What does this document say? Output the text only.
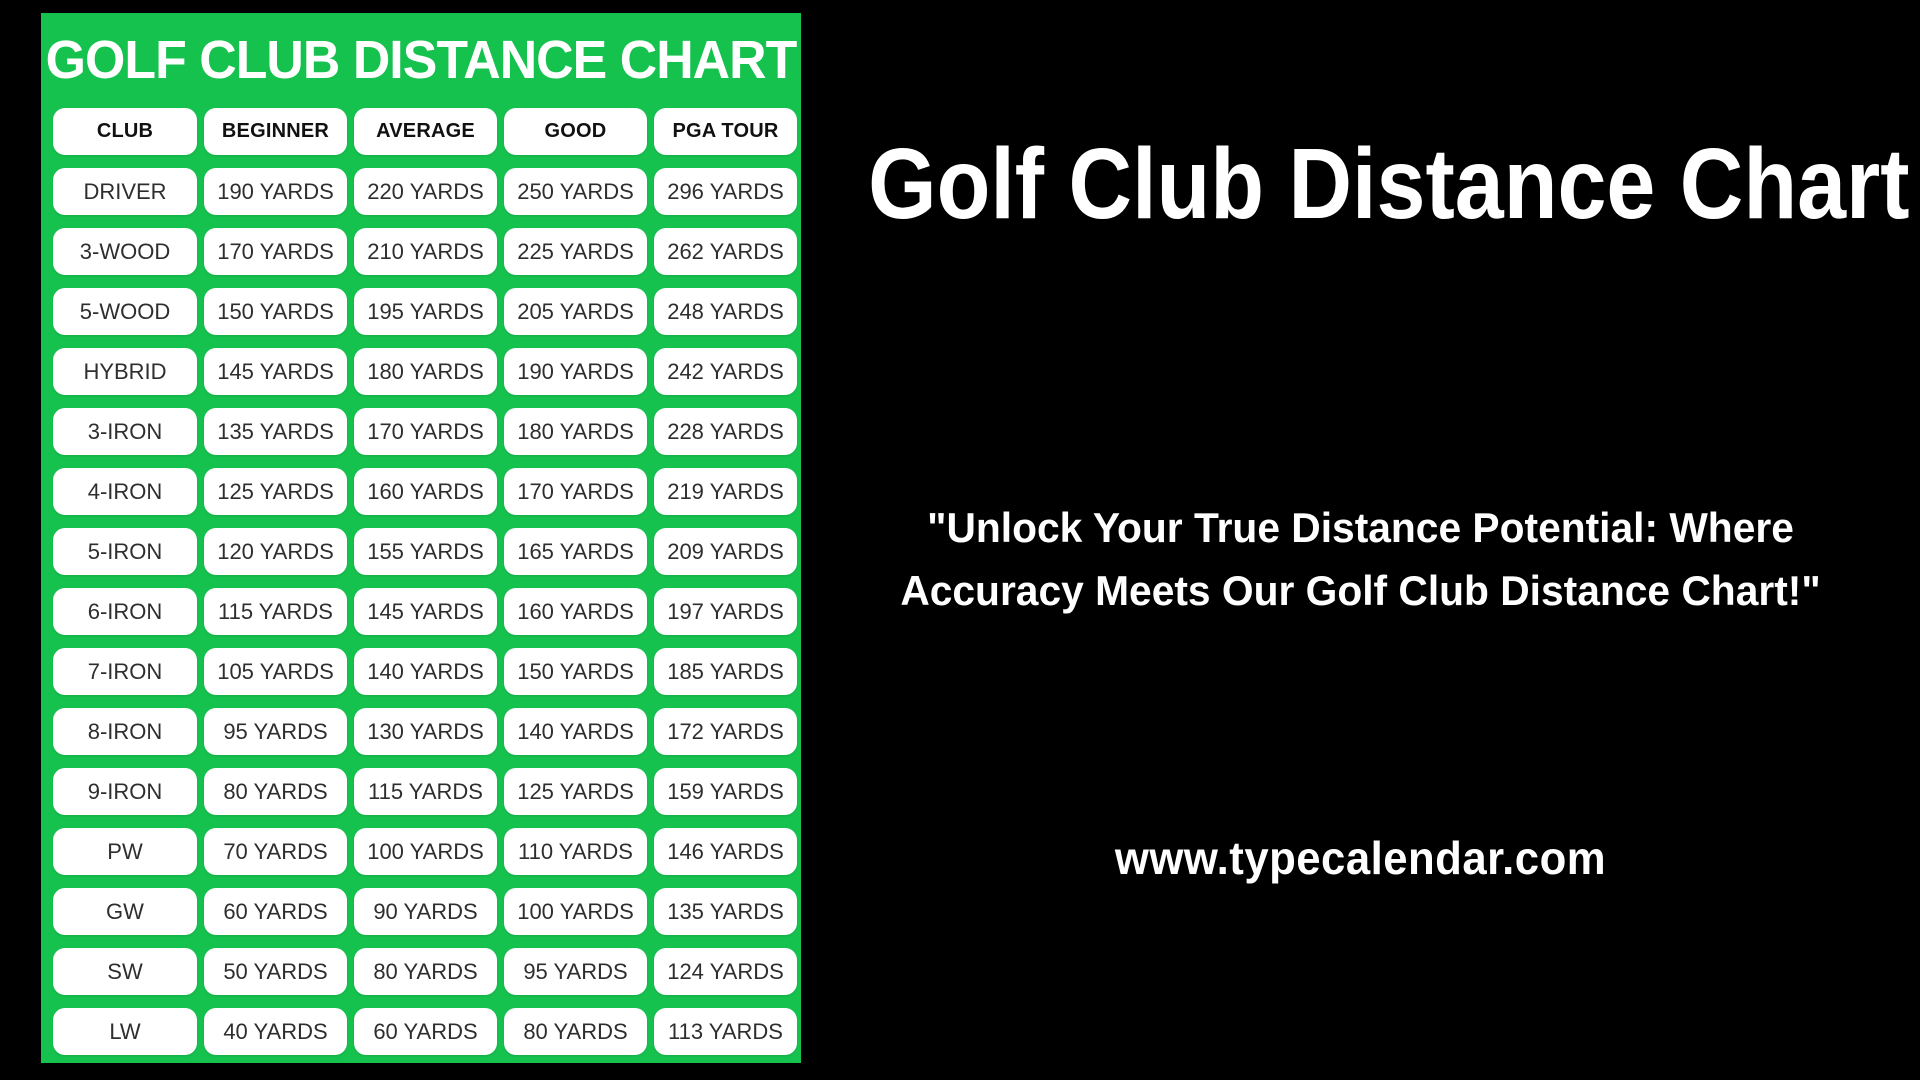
GOLF CLUB DISTANCE CHART
CLUB	BEGINNER	AVERAGE	GOOD	PGA TOUR
DRIVER	190 YARDS	220 YARDS	250 YARDS	296 YARDS
3-WOOD	170 YARDS	210 YARDS	225 YARDS	262 YARDS
5-WOOD	150 YARDS	195 YARDS	205 YARDS	248 YARDS
HYBRID	145 YARDS	180 YARDS	190 YARDS	242 YARDS
3-IRON	135 YARDS	170 YARDS	180 YARDS	228 YARDS
4-IRON	125 YARDS	160 YARDS	170 YARDS	219 YARDS
5-IRON	120 YARDS	155 YARDS	165 YARDS	209 YARDS
6-IRON	115 YARDS	145 YARDS	160 YARDS	197 YARDS
7-IRON	105 YARDS	140 YARDS	150 YARDS	185 YARDS
8-IRON	95 YARDS	130 YARDS	140 YARDS	172 YARDS
9-IRON	80 YARDS	115 YARDS	125 YARDS	159 YARDS
PW	70 YARDS	100 YARDS	110 YARDS	146 YARDS
GW	60 YARDS	90 YARDS	100 YARDS	135 YARDS
SW	50 YARDS	80 YARDS	95 YARDS	124 YARDS
LW	40 YARDS	60 YARDS	80 YARDS	113 YARDS
Golf Club Distance Chart
"Unlock Your True Distance Potential: Where
Accuracy Meets Our Golf Club Distance Chart!"
www.typecalendar.com
